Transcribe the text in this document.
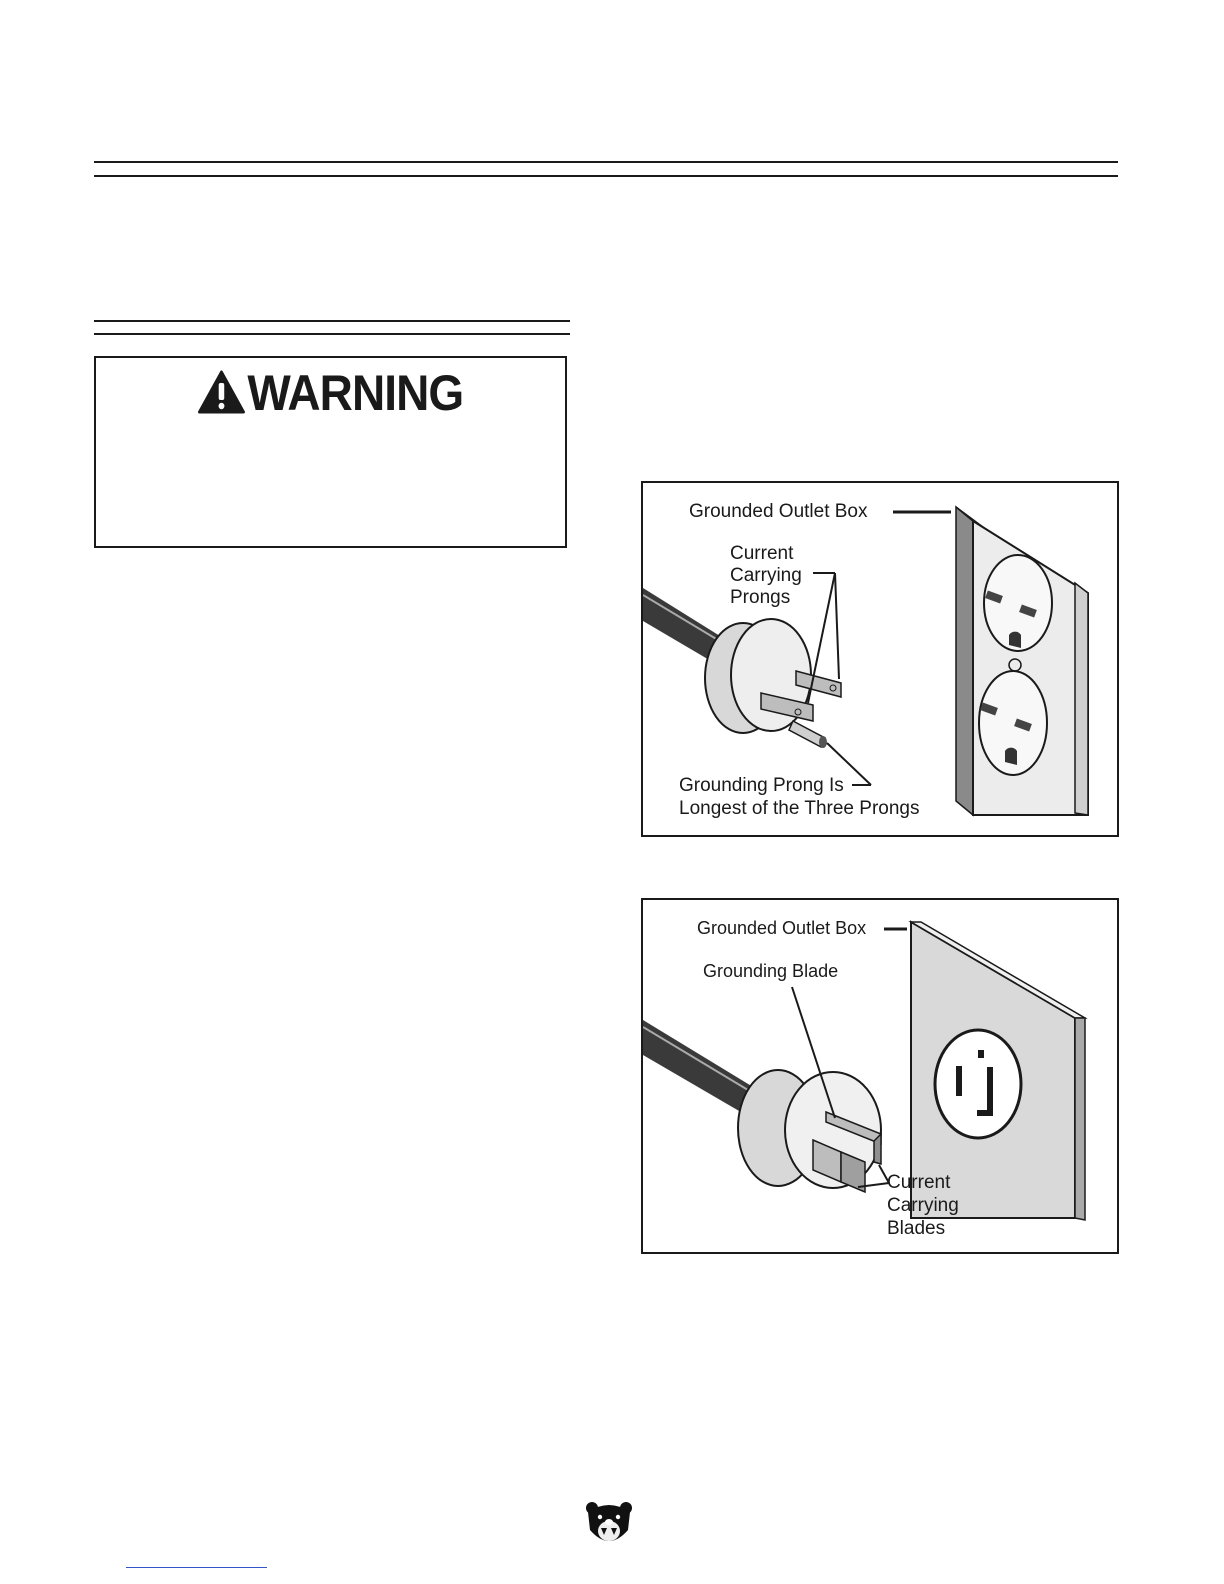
WARNING
Grounded Outlet Box
Current
Carrying
Prongs
Grounding Prong Is
Longest of the Three Prongs
Grounded Outlet Box
Grounding Blade
Current
Carrying
Blades
